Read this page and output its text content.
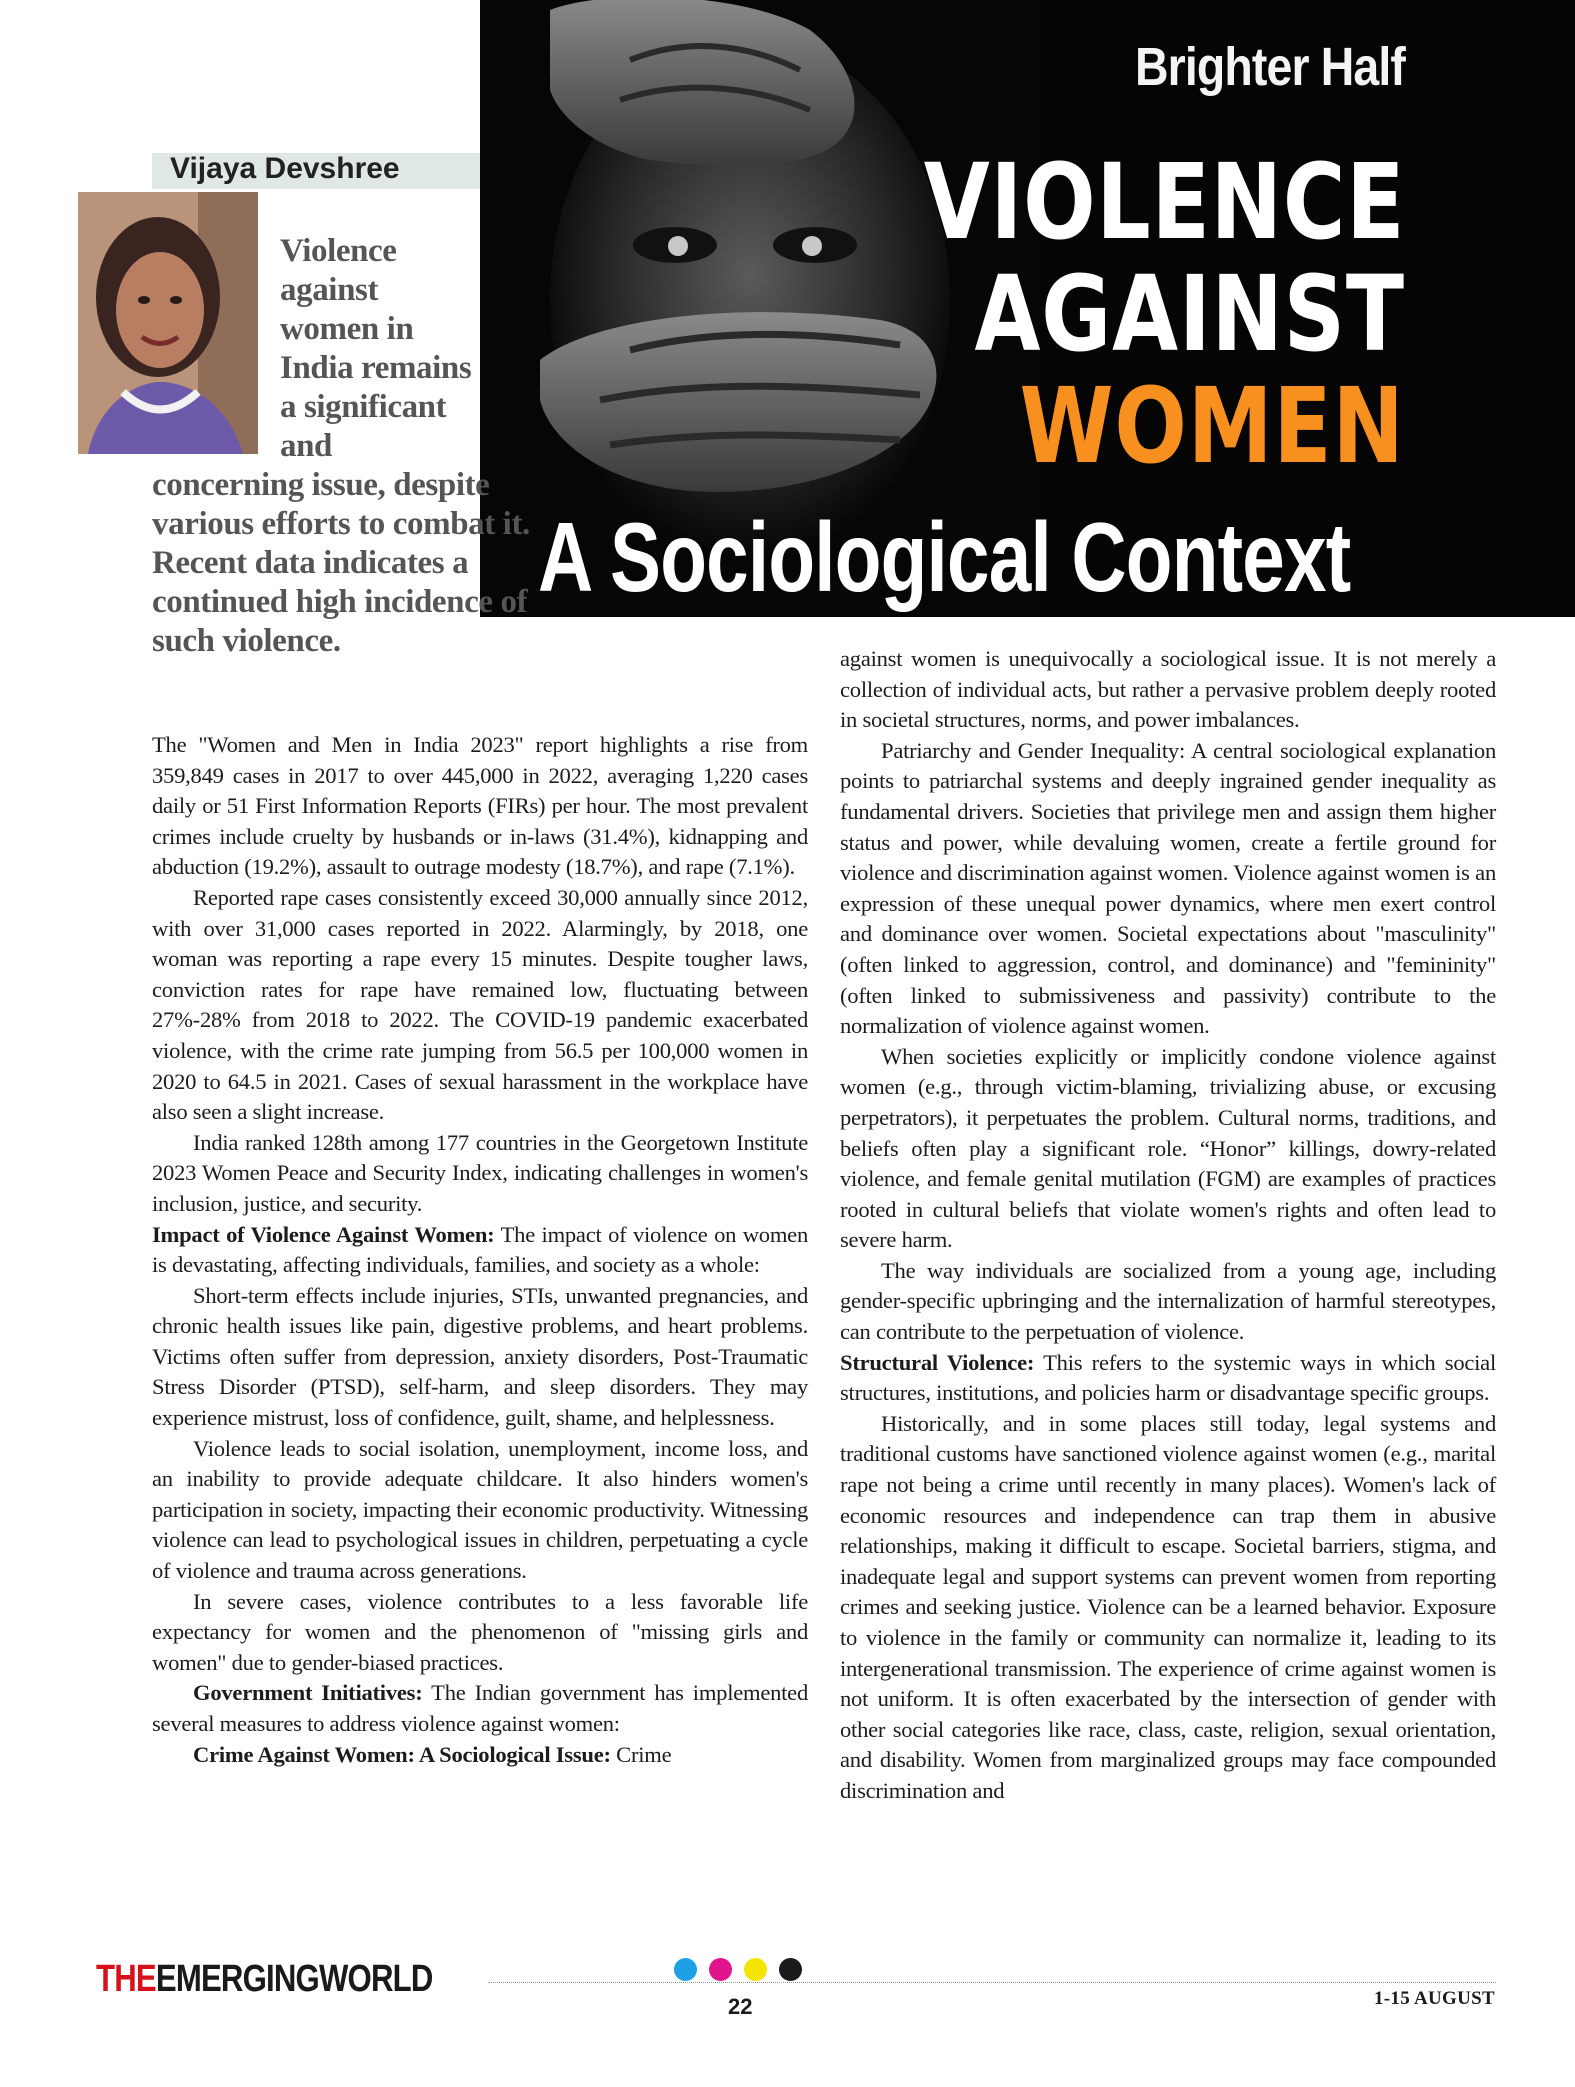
Brighter Half
VIOLENCE
AGAINST
WOMEN
A Sociological Context
Vijaya Devshree
Violence against women in India remains a significant and
concerning issue, despite various efforts to combat it. Recent data indicates a continued high incidence of such violence.

The "Women and Men in India 2023" report highlights a rise from 359,849 cases in 2017 to over 445,000 in 2022, averaging 1,220 cases daily or 51 First Information Reports (FIRs) per hour. The most prevalent crimes include cruelty by husbands or in-laws (31.4%), kidnapping and abduction (19.2%), assault to outrage modesty (18.7%), and rape (7.1%).

Reported rape cases consistently exceed 30,000 annually since 2012, with over 31,000 cases reported in 2022. Alarmingly, by 2018, one woman was reporting a rape every 15 minutes. Despite tougher laws, conviction rates for rape have remained low, fluctuating between 27%-28% from 2018 to 2022. The COVID-19 pandemic exacerbated violence, with the crime rate jumping from 56.5 per 100,000 women in 2020 to 64.5 in 2021. Cases of sexual harassment in the workplace have also seen a slight increase.

India ranked 128th among 177 countries in the Georgetown Institute 2023 Women Peace and Security Index, indicating challenges in women's inclusion, justice, and security.

Impact of Violence Against Women: The impact of violence on women is devastating, affecting individuals, families, and society as a whole:

Short-term effects include injuries, STIs, unwanted pregnancies, and chronic health issues like pain, digestive problems, and heart problems. Victims often suffer from depression, anxiety disorders, Post-Traumatic Stress Disorder (PTSD), self-harm, and sleep disorders. They may experience mistrust, loss of confidence, guilt, shame, and helplessness.

Violence leads to social isolation, unemployment, income loss, and an inability to provide adequate childcare. It also hinders women's participation in society, impacting their economic productivity. Witnessing violence can lead to psychological issues in children, perpetuating a cycle of violence and trauma across generations.

In severe cases, violence contributes to a less favorable life expectancy for women and the phenomenon of "missing girls and women" due to gender-biased practices.

Government Initiatives: The Indian government has implemented several measures to address violence against women:

Crime Against Women: A Sociological Issue: Crime

against women is unequivocally a sociological issue. It is not merely a collection of individual acts, but rather a pervasive problem deeply rooted in societal structures, norms, and power imbalances.

Patriarchy and Gender Inequality: A central sociological explanation points to patriarchal systems and deeply ingrained gender inequality as fundamental drivers. Societies that privilege men and assign them higher status and power, while devaluing women, create a fertile ground for violence and discrimination against women. Violence against women is an expression of these unequal power dynamics, where men exert control and dominance over women. Societal expectations about "masculinity" (often linked to aggression, control, and dominance) and "femininity" (often linked to submissiveness and passivity) contribute to the normalization of violence against women.

When societies explicitly or implicitly condone violence against women (e.g., through victim-blaming, trivializing abuse, or excusing perpetrators), it perpetuates the problem. Cultural norms, traditions, and beliefs often play a significant role. “Honor” killings, dowry-related violence, and female genital mutilation (FGM) are examples of practices rooted in cultural beliefs that violate women's rights and often lead to severe harm.

The way individuals are socialized from a young age, including gender-specific upbringing and the internalization of harmful stereotypes, can contribute to the perpetuation of violence.

Structural Violence: This refers to the systemic ways in which social structures, institutions, and policies harm or disadvantage specific groups.

Historically, and in some places still today, legal systems and traditional customs have sanctioned violence against women (e.g., marital rape not being a crime until recently in many places). Women's lack of economic resources and independence can trap them in abusive relationships, making it difficult to escape. Societal barriers, stigma, and inadequate legal and support systems can prevent women from reporting crimes and seeking justice. Violence can be a learned behavior. Exposure to violence in the family or community can normalize it, leading to its intergenerational transmission. The experience of crime against women is not uniform. It is often exacerbated by the intersection of gender with other social categories like race, class, caste, religion, sexual orientation, and disability. Women from marginalized groups may face compounded discrimination and

THEEMERGINGWORLD
22	1-15 AUGUST
